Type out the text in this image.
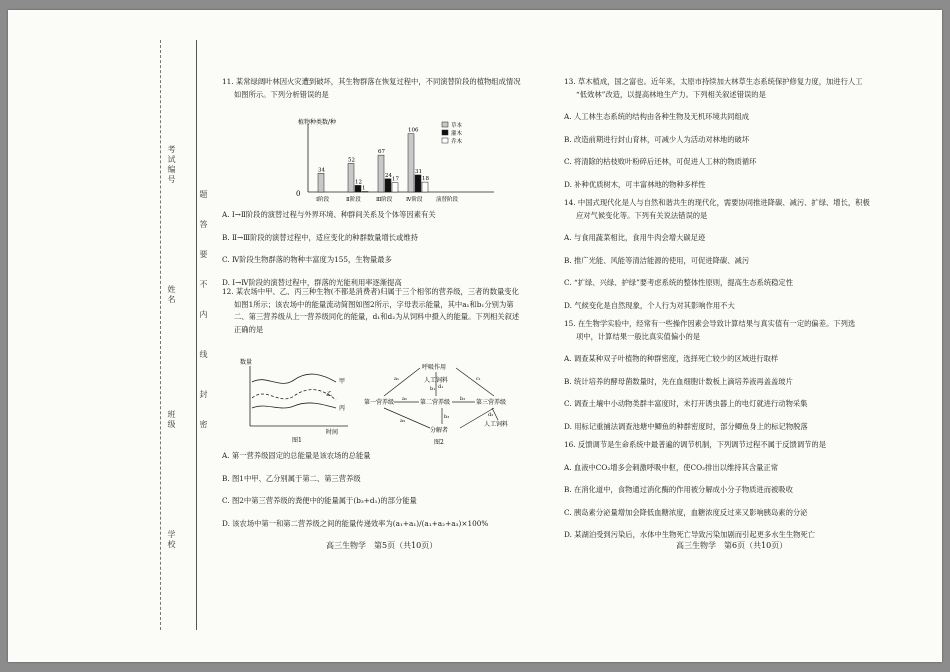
考试编号
姓名
班级
学校
题
答
要
不
内
线
封
密

11. 某常绿阔叶林因火灾遭到破坏，其生物群落在恢复过程中，不同演替阶段的植物组成情况

如图所示。下列分析错误的是

植物种类数/种
0
Ⅰ阶段
34
Ⅱ阶段
52
12
1
Ⅲ阶段
67
24
17
Ⅳ阶段
106
31
18
演替阶段
草本
灌木
乔木

A. Ⅰ→Ⅱ阶段的演替过程与外界环境、种群间关系及个体等因素有关

B. Ⅱ→Ⅲ阶段的演替过程中，适应变化的种群数量增长或维持

C. Ⅳ阶段生物群落的物种丰富度为155，生物量最多

D. Ⅰ→Ⅳ阶段的演替过程中，群落的光能利用率逐渐提高

12. 某农场中甲、乙、丙三种生物(不都是消费者)归属于三个相邻的营养级，三者的数量变化

如图1所示；该农场中的能量流动简图如图2所示，字母表示能量，其中a₁和b₁分别为第

二、第三营养级从上一营养级同化的能量，d₁和d₂为从饲料中摄入的能量。下列相关叙述

正确的是

数量
甲
乙
丙
时间
图1
呼吸作用
人工饲料
第一营养级	第二营养级	第三营养级
分解者
人工饲料
a₁
a₂
a₃
b₁
b₂
b₃
c₁
d₁
d₂
图2

A. 第一营养级固定的总能量是该农场的总能量

B. 图1中甲、乙分别属于第二、第三营养级

C. 图2中第三营养级的粪便中的能量属于(b₃+d₁)的部分能量

D. 该农场中第一和第二营养级之间的能量传递效率为(a₁+a₁)/(a₁+a₂+a₃)×100%

高三生物学　第5页（共10页）

13. 草木植成，国之富也。近年来，太原市持续加大林草生态系统保护修复力度，加进行人工

“低效林”改造，以提高林地生产力。下列相关叙述错误的是

A. 人工林生态系统的结构由各种生物及无机环境共同组成

B. 改造前期进行封山育林，可减少人为活动对林地的破坏

C. 将清除的枯枝败叶粉碎后还林，可促进人工林的物质循环

D. 补种优质树木，可丰富林地的物种多样性

14. 中国式现代化是人与自然和谐共生的现代化，需要协同推进降碳、减污、扩绿、增长，积极

应对气候变化等。下列有关说法错误的是

A. 与食用蔬菜相比，食用牛肉会增大碳足迹

B. 推广光能、风能等清洁能源的使用，可促进降碳、减污

C. “扩绿、兴绿、护绿”要考虑系统的整体性原则，提高生态系统稳定性

D. 气候变化是自然现象，个人行为对其影响作用不大

15. 在生物学实验中，经常有一些操作因素会导致计算结果与真实值有一定的偏差。下列选

项中，计算结果一般比真实值偏小的是

A. 调查某种双子叶植物的种群密度，选择死亡较少的区域进行取样

B. 统计培养的酵母菌数量时，先在血细胞计数板上滴培养液再盖盖玻片

C. 调查土壤中小动物类群丰富度时，未打开诱虫器上的电灯就进行动物采集

D. 用标记重捕法调查池塘中鲫鱼的种群密度时，部分鲫鱼身上的标记物脱落

16. 反馈调节是生命系统中最普遍的调节机制，下列调节过程不属于反馈调节的是

A. 血液中CO₂增多会刺激呼吸中枢，使CO₂排出以维持其含量正常

B. 在消化道中，食物通过消化酶的作用被分解成小分子物质进而被吸收

C. 胰岛素分泌量增加会降低血糖浓度，血糖浓度反过来又影响胰岛素的分泌

D. 某湖泊受到污染后，水体中生物死亡导致污染加剧而引起更多水生生物死亡

高三生物学　第6页（共10页）
